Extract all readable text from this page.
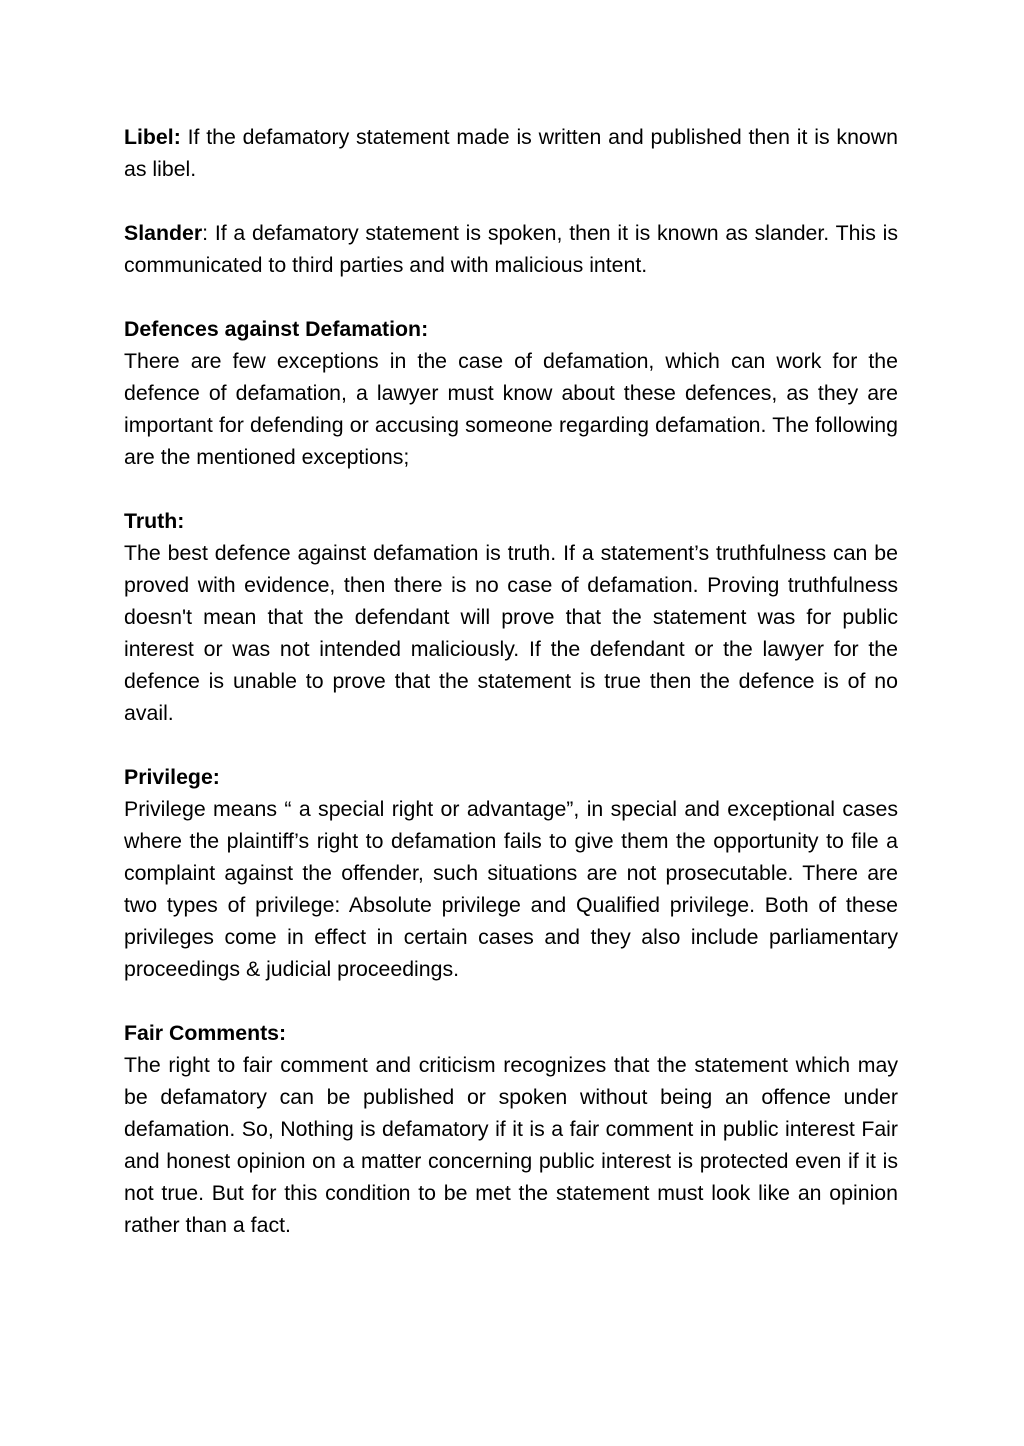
Libel: If the defamatory statement made is written and published then it is known as libel.

Slander: If a defamatory statement is spoken, then it is known as slander. This is communicated to third parties and with malicious intent.

Defences against Defamation:

There are few exceptions in the case of defamation, which can work for the defence of defamation, a lawyer must know about these defences, as they are important for defending or accusing someone regarding defamation. The following are the mentioned exceptions;

Truth:

The best defence against defamation is truth. If a statement’s truthfulness can be proved with evidence, then there is no case of defamation. Proving truthfulness doesn't mean that the defendant will prove that the statement was for public interest or was not intended maliciously. If the defendant or the lawyer for the defence is unable to prove that the statement is true then the defence is of no avail.

Privilege:

Privilege means “ a special right or advantage”, in special and exceptional cases where the plaintiff’s right to defamation fails to give them the opportunity to file a complaint against the offender, such situations are not prosecutable. There are two types of privilege: Absolute privilege and Qualified privilege. Both of these privileges come in effect in certain cases and they also include parliamentary proceedings & judicial proceedings.

Fair Comments:

The right to fair comment and criticism recognizes that the statement which may be defamatory can be published or spoken without being an offence under defamation. So, Nothing is defamatory if it is a fair comment in public interest Fair and honest opinion on a matter concerning public interest is protected even if it is not true. But for this condition to be met the statement must look like an opinion rather than a fact.
